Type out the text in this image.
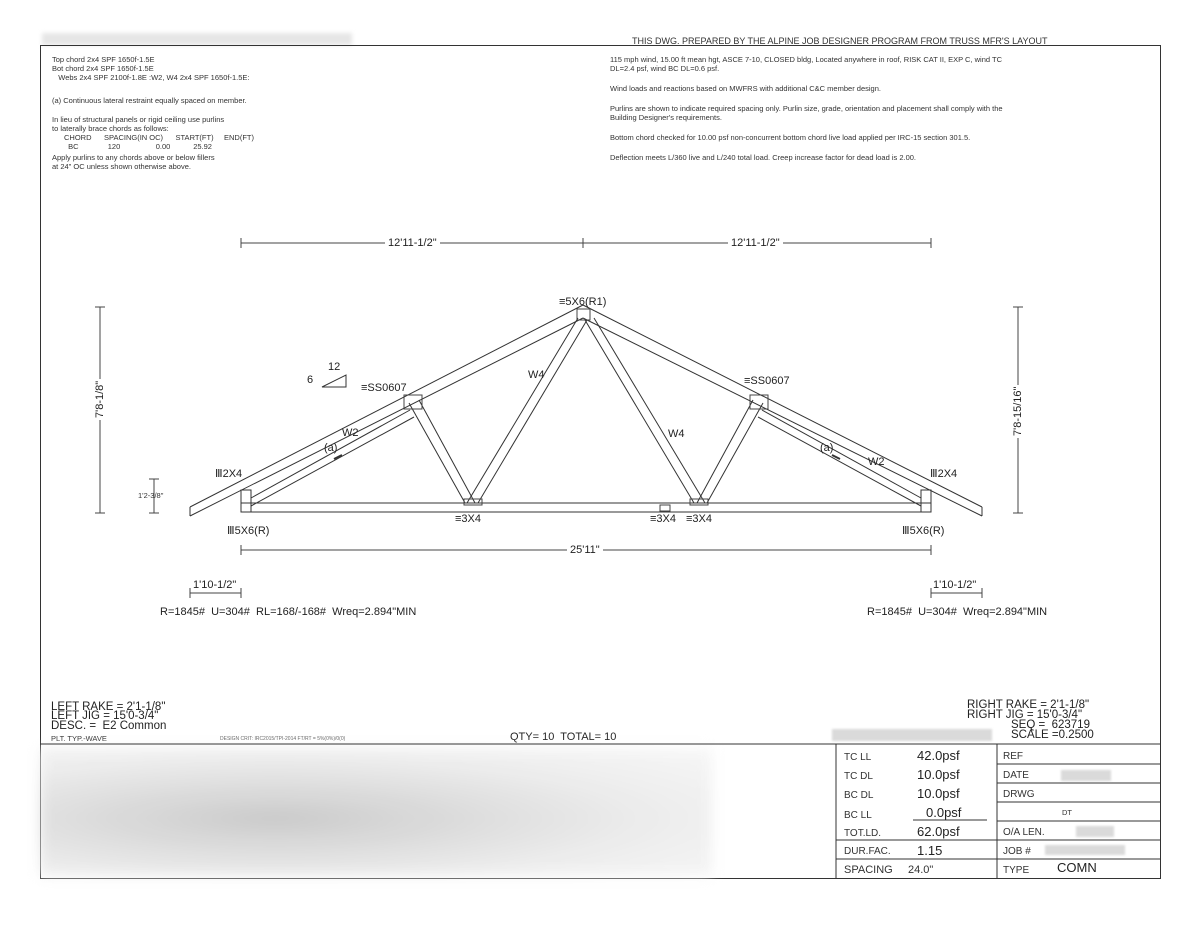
THIS DWG. PREPARED BY THE ALPINE JOB DESIGNER PROGRAM FROM TRUSS MFR'S LAYOUT
Top chord 2x4 SPF 1650f-1.5E
Bot chord 2x4 SPF 1650f-1.5E
Webs 2x4 SPF 2100f-1.8E :W2, W4 2x4 SPF 1650f-1.5E:
(a) Continuous lateral restraint equally spaced on member.
In lieu of structural panels or rigid ceiling use purlins
to laterally brace chords as follows:
CHORD      SPACING(IN OC)      START(FT)     END(FT)
BC              120                 0.00           25.92
Apply purlins to any chords above or below fillers
at 24" OC unless shown otherwise above.
115 mph wind, 15.00 ft mean hgt, ASCE 7-10, CLOSED bldg, Located anywhere in roof, RISK CAT II, EXP C, wind TC
DL=2.4 psf, wind BC DL=0.6 psf.
Wind loads and reactions based on MWFRS with additional C&C member design.
Purlins are shown to indicate required spacing only. Purlin size, grade, orientation and placement shall comply with the
Building Designer's requirements.
Bottom chord checked for 10.00 psf non-concurrent bottom chord live load applied per IRC-15 section 301.5.
Deflection meets L/360 live and L/240 total load. Creep increase factor for dead load is 2.00.
12'11-1/2"	12'11-1/2"
7'8-1/8"	7'8-15/16"
1'2-3/8"
25'11"
1'10-1/2"	1'10-1/2"
6
12
≡5X6(R1)
≡SS0607
≡SS0607
Ⅲ2X4	Ⅲ2X4
Ⅲ5X6(R)	Ⅲ5X6(R)
≡3X4	≡3X4 ≡3X4
W4
W4
W2
W2
(a)	(a)
R=1845#  U=304#  RL=168/-168#  Wreq=2.894"MIN	R=1845#  U=304#  Wreq=2.894"MIN
LEFT RAKE = 2'1-1/8"
LEFT JIG = 15'0-3/4"
DESC. =  E2 Common
PLT. TYP.-WAVE	DESIGN CRIT: IRC2015/TPI-2014 FT/RT = 5%(0%)/0(0)	QTY= 10  TOTAL= 10
RIGHT RAKE = 2'1-1/8"
RIGHT JIG = 15'0-3/4"
SEQ =  623719
SCALE =0.2500
TC LL	42.0psf
TC DL	10.0psf
BC DL	10.0psf
BC LL	0.0psf
TOT.LD.	62.0psf
DUR.FAC. 1.15
SPACING 24.0"
REF
DATE
DRWG
DT
O/A LEN.
JOB #
TYPE COMN
